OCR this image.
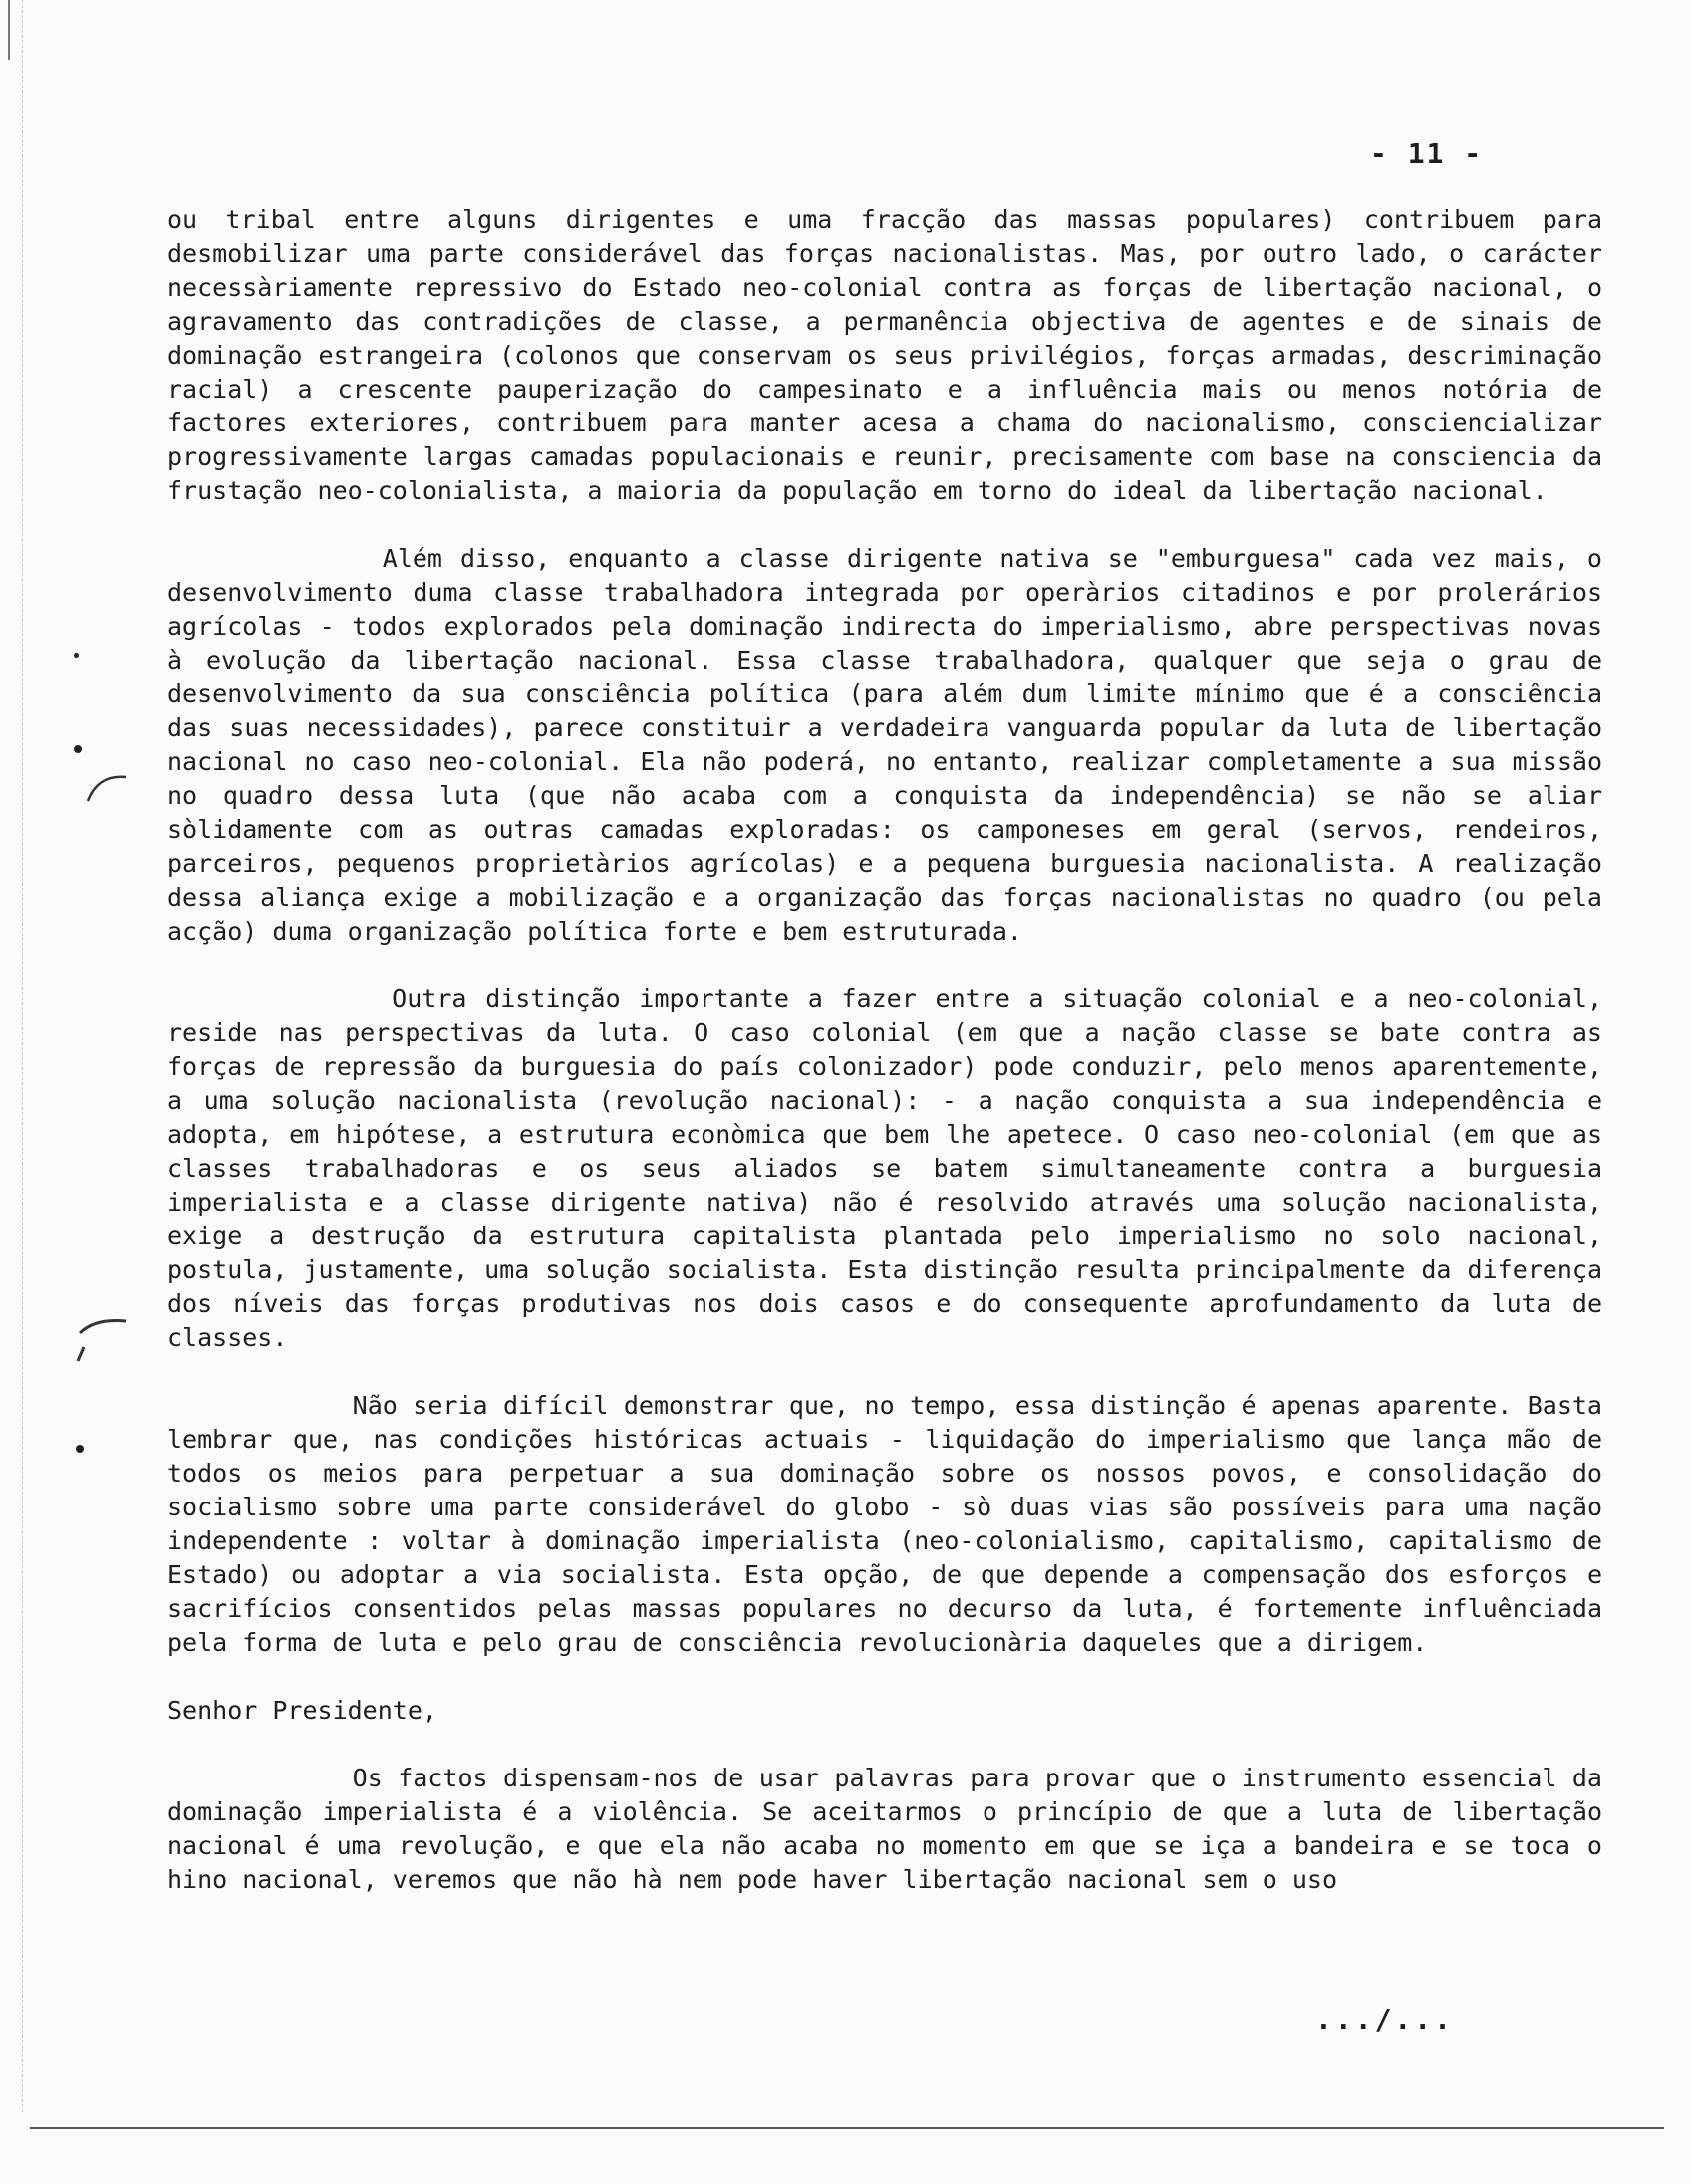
- 11 -

ou tribal entre alguns dirigentes e uma fracção das massas populares) contribuem para desmobilizar uma parte considerável das forças nacionalistas. Mas, por outro lado, o carácter necessàriamente repressivo do Estado neo-colonial contra as forças de libertação nacional, o agravamento das contradições de classe, a permanência objectiva de agentes e de sinais de dominação estrangeira (colonos que conservam os seus privilégios, forças armadas, descriminação racial) a crescente pauperização do campesinato e a influência mais ou menos notória de factores exteriores, contribuem para manter acesa a chama do nacionalismo, consciencializar progressivamente largas camadas populacionais e reunir, precisamente com base na consciencia da frustação neo-colonialista, a maioria da população em torno do ideal da libertação nacional.

Além disso, enquanto a classe dirigente nativa se "emburguesa" cada vez mais, o desenvolvimento duma classe trabalhadora integrada por operàrios citadinos e por prolerários agrícolas - todos explorados pela dominação indirecta do imperialismo, abre perspectivas novas à evolução da libertação nacional. Essa classe trabalhadora, qualquer que seja o grau de desenvolvimento da sua consciência política (para além dum limite mínimo que é a consciência das suas necessidades), parece constituir a verdadeira vanguarda popular da luta de libertação nacional no caso neo-colonial. Ela não poderá, no entanto, realizar completamente a sua missão no quadro dessa luta (que não acaba com a conquista da independência) se não se aliar sòlidamente com as outras camadas exploradas: os camponeses em geral (servos, rendeiros, parceiros, pequenos proprietàrios agrícolas) e a pequena burguesia nacionalista. A realização dessa aliança exige a mobilização e a organização das forças nacionalistas no quadro (ou pela acção) duma organização política forte e bem estruturada.

Outra distinção importante a fazer entre a situação colonial e a neo-colonial, reside nas perspectivas da luta. O caso colonial (em que a nação classe se bate contra as forças de repressão da burguesia do país colonizador) pode conduzir, pelo menos aparentemente, a uma solução nacionalista (revolução nacional): - a nação conquista a sua independência e adopta, em hipótese, a estrutura econòmica que bem lhe apetece. O caso neo-colonial (em que as classes trabalhadoras e os seus aliados se batem simultaneamente contra a burguesia imperialista e a classe dirigente nativa) não é resolvido através uma solução nacionalista, exige a destrução da estrutura capitalista plantada pelo imperialismo no solo nacional, postula, justamente, uma solução socialista. Esta distinção resulta principalmente da diferença dos níveis das forças produtivas nos dois casos e do consequente aprofundamento da luta de classes.

Não seria difícil demonstrar que, no tempo, essa distinção é apenas aparente. Basta lembrar que, nas condições históricas actuais - liquidação do imperialismo que lança mão de todos os meios para perpetuar a sua dominação sobre os nossos povos, e consolidação do socialismo sobre uma parte considerável do globo - sò duas vias são possíveis para uma nação independente : voltar à dominação imperialista (neo-colonialismo, capitalismo, capitalismo de Estado) ou adoptar a via socialista. Esta opção, de que depende a compensação dos esforços e sacrifícios consentidos pelas massas populares no decurso da luta, é fortemente influênciada pela forma de luta e pelo grau de consciência revolucionària daqueles que a dirigem.

Senhor Presidente,

Os factos dispensam-nos de usar palavras para provar que o instrumento essencial da dominação imperialista é a violência. Se aceitarmos o princípio de que a luta de libertação nacional é uma revolução, e que ela não acaba no momento em que se iça a bandeira e se toca o hino nacional, veremos que não hà nem pode haver libertação nacional sem o uso

.../...
